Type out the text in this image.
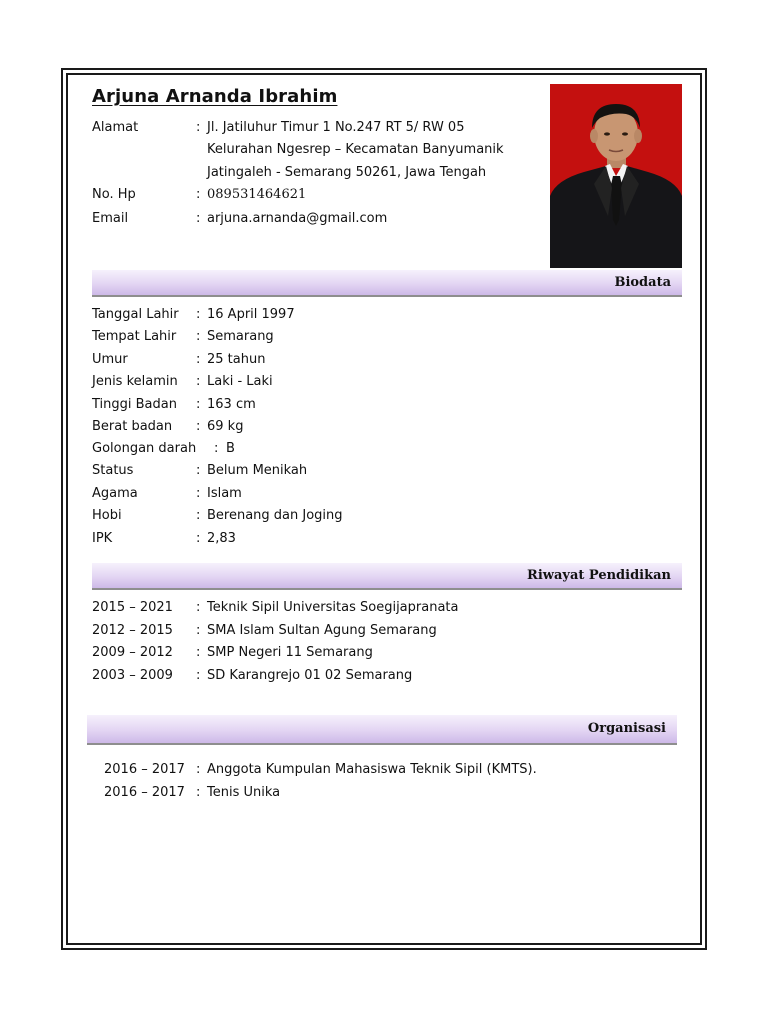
Arjuna Arnanda Ibrahim
Alamat	: Jl. Jatiluhur Timur 1 No.247 RT 5/ RW 05
Kelurahan Ngesrep – Kecamatan Banyumanik
Jatingaleh - Semarang 50261, Jawa Tengah
No. Hp	: 089531464621
Email	: arjuna.arnanda@gmail.com
Biodata
Tanggal Lahir : 16 April 1997
Tempat Lahir : Semarang
Umur	: 25 tahun
Jenis kelamin : Laki - Laki
Tinggi Badan : 163 cm
Berat badan : 69 kg
Golongan darah : B
Status	: Belum Menikah
Agama	: Islam
Hobi	: Berenang dan Joging
IPK	: 2,83
Riwayat Pendidikan
2015 – 2021 : Teknik Sipil Universitas Soegijapranata
2012 – 2015 : SMA Islam Sultan Agung Semarang
2009 – 2012 : SMP Negeri 11 Semarang
2003 – 2009 : SD Karangrejo 01 02 Semarang
Organisasi
2016 – 2017 : Anggota Kumpulan Mahasiswa Teknik Sipil (KMTS).
2016 – 2017 : Tenis Unika
